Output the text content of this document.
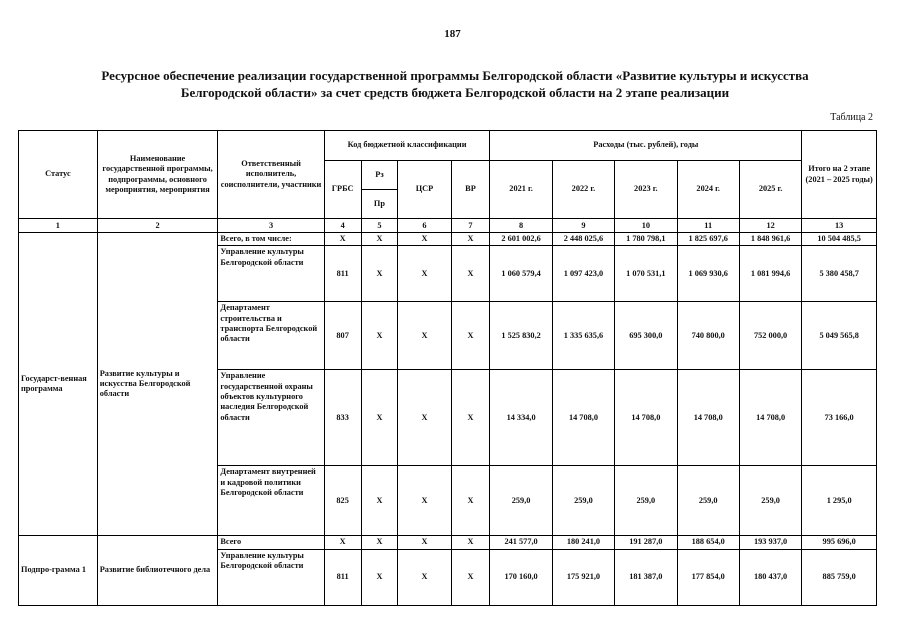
187
Ресурсное обеспечение реализации государственной программы Белгородской области «Развитие культуры и искусства
Белгородской области» за счет средств бюджета Белгородской области на 2 этапе реализации
Таблица 2
Статус	Наименование государственной программы, подпрограммы, основного мероприятия, мероприятия	Ответственный исполнитель, соисполнители, участники	Код бюджетной классификации				Расходы (тыс. рублей), годы					Итого на 2 этапе (2021 – 2025 годы)
			ГРБС	Рз	ЦСР	ВР	2021 г.	2022 г.	2023 г.	2024 г.	2025 г.	
				Пр								
1	2	3	4	5	6	7	8	9	10	11	12	13
Государст-венная программа	Развитие культуры и искусства Белгородской области	Всего, в том числе:	Х	Х	Х	Х	2 601 002,6	2 448 025,6	1 780 798,1	1 825 697,6	1 848 961,6	10 504 485,5
		Управление культуры Белгородской области	811	Х	Х	Х	1 060 579,4	1 097 423,0	1 070 531,1	1 069 930,6	1 081 994,6	5 380 458,7
		Департамент строительства и транспорта Белгородской области	807	Х	Х	Х	1 525 830,2	1 335 635,6	695 300,0	740 800,0	752 000,0	5 049 565,8
		Управление государственной охраны объектов культурного наследия Белгородской области	833	Х	Х	Х	14 334,0	14 708,0	14 708,0	14 708,0	14 708,0	73 166,0
		Департамент внутренней и кадровой политики Белгородской области	825	Х	Х	Х	259,0	259,0	259,0	259,0	259,0	1 295,0
Подпро-грамма 1	Развитие библиотечного дела	Всего	Х	Х	Х	Х	241 577,0	180 241,0	191 287,0	188 654,0	193 937,0	995 696,0
		Управление культуры Белгородской области	811	Х	Х	Х	170 160,0	175 921,0	181 387,0	177 854,0	180 437,0	885 759,0
